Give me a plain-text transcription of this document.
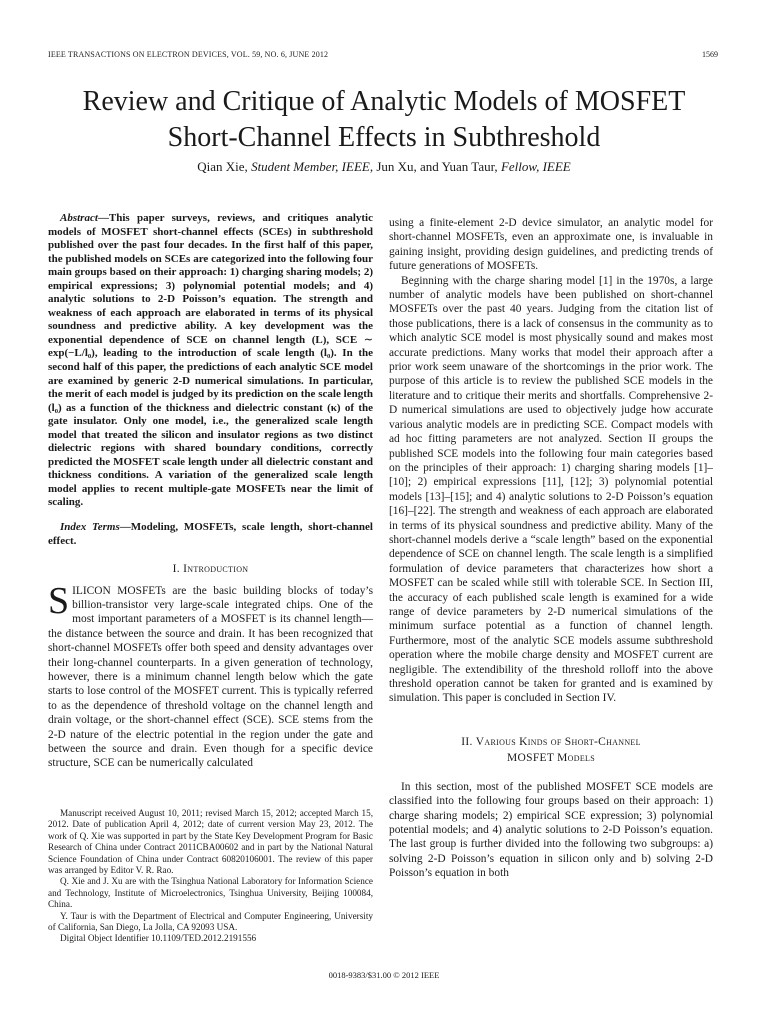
IEEE TRANSACTIONS ON ELECTRON DEVICES, VOL. 59, NO. 6, JUNE 2012	1569
Review and Critique of Analytic Models of MOSFET
Short-Channel Effects in Subthreshold
Qian Xie, Student Member, IEEE, Jun Xu, and Yuan Taur, Fellow, IEEE

Abstract—This paper surveys, reviews, and critiques analytic models of MOSFET short-channel effects (SCEs) in subthreshold published over the past four decades. In the first half of this paper, the published models on SCEs are categorized into the following four main groups based on their approach: 1) charging sharing models; 2) empirical expressions; 3) polynomial potential models; and 4) analytic solutions to 2-D Poisson’s equation. The strength and weakness of each approach are elaborated in terms of its physical soundness and predictive ability. A key development was the exponential dependence of SCE on channel length (L), SCE ∼ exp(−L/l₀), leading to the introduction of scale length (l₀). In the second half of this paper, the predictions of each analytic SCE model are examined by generic 2-D numerical simulations. In particular, the merit of each model is judged by its prediction on the scale length (l₀) as a function of the thickness and dielectric constant (κ) of the gate insulator. Only one model, i.e., the generalized scale length model that treated the silicon and insulator regions as two distinct dielectric regions with shared boundary conditions, correctly predicted the MOSFET scale length under all dielectric constant and thickness conditions. A variation of the generalized scale length model applies to recent multiple-gate MOSFETs near the limit of scaling.

Index Terms—Modeling, MOSFETs, scale length, short-channel effect.

I. Introduction

SILICON MOSFETs are the basic building blocks of today’s billion-transistor very large-scale integrated chips. One of the most important parameters of a MOSFET is its channel length—the distance between the source and drain. It has been recognized that short-channel MOSFETs offer both speed and density advantages over their long-channel counterparts. In a given generation of technology, however, there is a minimum channel length below which the gate starts to lose control of the MOSFET current. This is typically referred to as the dependence of threshold voltage on the channel length and drain voltage, or the short-channel effect (SCE). SCE stems from the 2-D nature of the electric potential in the region under the gate and between the source and drain. Even though for a specific device structure, SCE can be numerically calculated

using a finite-element 2-D device simulator, an analytic model for short-channel MOSFETs, even an approximate one, is invaluable in gaining insight, providing design guidelines, and predicting trends of future generations of MOSFETs.

Beginning with the charge sharing model [1] in the 1970s, a large number of analytic models have been published on short-channel MOSFETs over the past 40 years. Judging from the citation list of those publications, there is a lack of consensus in the community as to which analytic SCE model is most physically sound and makes most accurate predictions. Many works that model their approach after a prior work seem unaware of the shortcomings in the prior work. The purpose of this article is to review the published SCE models in the literature and to critique their merits and shortfalls. Comprehensive 2-D numerical simulations are used to objectively judge how accurate various analytic models are in predicting SCE. Compact models with ad hoc fitting parameters are not analyzed. Section II groups the published SCE models into the following four main categories based on the principles of their approach: 1) charging sharing models [1]–[10]; 2) empirical expressions [11], [12]; 3) polynomial potential models [13]–[15]; and 4) analytic solutions to 2-D Poisson’s equation [16]–[22]. The strength and weakness of each approach are elaborated in terms of its physical soundness and predictive ability. Many of the short-channel models derive a “scale length” based on the exponential dependence of SCE on channel length. The scale length is a simplified formulation of device parameters that characterizes how short a MOSFET can be scaled while still with tolerable SCE. In Section III, the accuracy of each published scale length is examined for a wide range of device parameters by 2-D numerical simulations of the minimum surface potential as a function of channel length. Furthermore, most of the analytic SCE models assume subthreshold operation where the mobile charge density and MOSFET current are negligible. The extendibility of the threshold rolloff into the above threshold operation cannot be taken for granted and is examined by simulation. This paper is concluded in Section IV.

II. Various Kinds of Short-Channel
MOSFET Models

In this section, most of the published MOSFET SCE models are classified into the following four groups based on their approach: 1) charge sharing models; 2) empirical SCE expression; 3) polynomial potential models; and 4) analytic solutions to 2-D Poisson’s equation. The last group is further divided into the following two subgroups: a) solving 2-D Poisson’s equation in silicon only and b) solving 2-D Poisson’s equation in both

Manuscript received August 10, 2011; revised March 15, 2012; accepted March 15, 2012. Date of publication April 4, 2012; date of current version May 23, 2012. The work of Q. Xie was supported in part by the State Key Development Program for Basic Research of China under Contract 2011CBA00602 and in part by the National Natural Science Foundation of China under Contract 60820106001. The review of this paper was arranged by Editor V. R. Rao.

Q. Xie and J. Xu are with the Tsinghua National Laboratory for Information Science and Technology, Institute of Microelectronics, Tsinghua University, Beijing 100084, China.

Y. Taur is with the Department of Electrical and Computer Engineering, University of California, San Diego, La Jolla, CA 92093 USA.

Digital Object Identifier 10.1109/TED.2012.2191556

0018-9383/$31.00 © 2012 IEEE
